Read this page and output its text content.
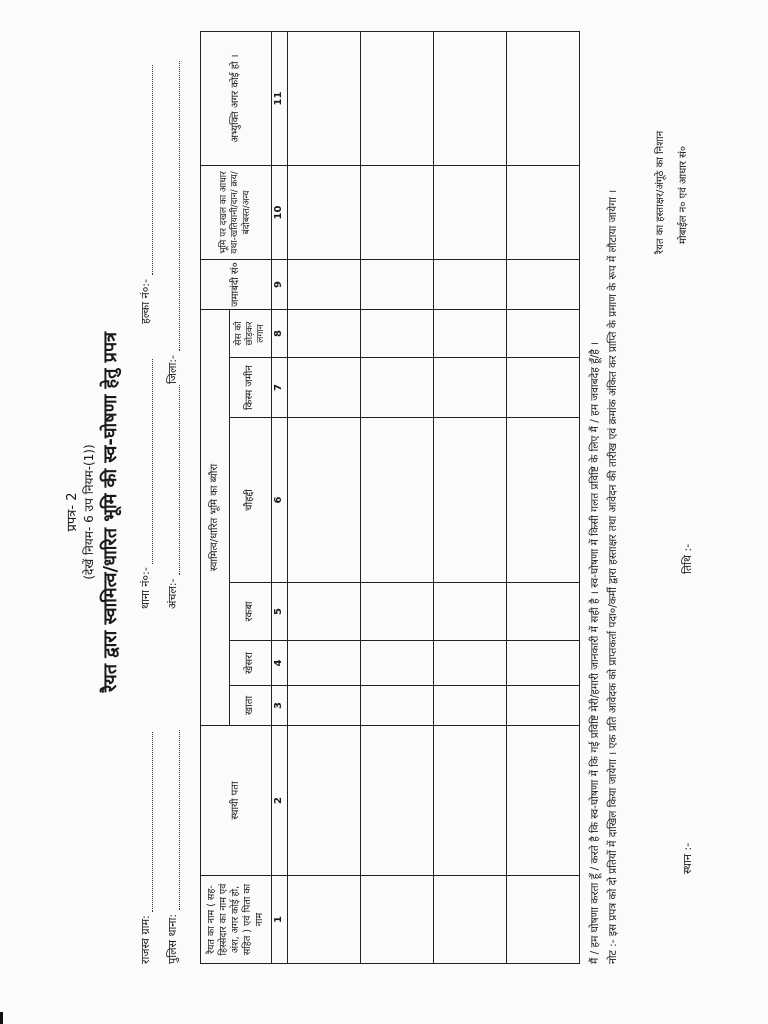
प्रपत्र- 2 (देखें नियम- 6 उप नियम-(1)) रैयत द्वारा स्वामित्व/धारित भूमि की स्व-घोषणा हेतु प्रपत्र
राजस्व ग्राम:
थाना नं०:-
हल्का नं०:-
पुलिस थाना:
अंचल:-
जिला:-
रैयत का नाम ( सह-हिस्सेदार का नाम एवं अंश, अगर कोई हो, सहित ) एवं पिता का नाम	स्थायी पता	स्वामित्व/धारित भूमि का ब्यौरा						जमाबंदी सं०	भूमि पर दखल का आधार यथा-खतियानी/दान/ क्रय/बंदोबस्त/अन्य	अभ्युक्ति अगर कोई हो ।
		खाता	खेसरा	रकबा	चौहद्दी	किस्म जमीन	सेस को छोड़कर लगान			
1	2	3	4	5	6	7	8	9	10	11

मैं / हम घोषणा करता हूँ / करते है कि स्व-घोषणा में कि गई प्रविष्टि मेरी/हमारी जानकारी में सही है । स्व-घोषणा में किसी गलत प्रविष्टि के लिए मैं / हम जवाबदेह हूँ/है । नोट :- इस प्रपत्र को दो प्रतियों में दाखिल किया जायेगा । एक प्रति आवेदक को प्राप्तकर्ता पदा०/कर्मी द्वारा हस्ताक्षर तथा आवेदन की तारीख एवं क्रमांक अंकित कर प्राप्ति के प्रमाण के रूप में लौटाया जायेगा ।	स्थान :-
तिथि :-
रैयत का हस्ताक्षर/अंगूठे का निशान	मोबाईल न० एवं आधार सं०
